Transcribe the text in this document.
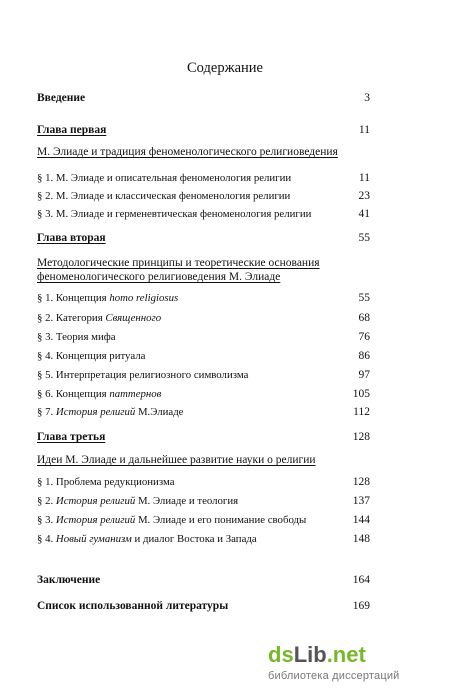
Содержание
Введение	3
Глава первая	11
М. Элиаде и традиция феноменологического религиоведения
§ 1. М. Элиаде и описательная феноменология религии	11
§ 2. М. Элиаде и классическая феноменология религии	23
§ 3. М. Элиаде и герменевтическая феноменология религии	41
Глава вторая	55
Методологические принципы и теоретические основания феноменологического религиоведения М. Элиаде
§ 1. Концепция homo religiosus	55
§ 2. Категория Священного	68
§ 3. Теория мифа	76
§ 4. Концепция ритуала	86
§ 5. Интерпретация религиозного символизма	97
§ 6. Концепция паттернов	105
§ 7. История религий М.Элиаде	112
Глава третья	128
Идеи М. Элиаде и дальнейшее развитие науки о религии
§ 1. Проблема редукционизма	128
§ 2. История религий М. Элиаде и теология	137
§ 3. История религий М. Элиаде и его понимание свободы	144
§ 4. Новый гуманизм и диалог Востока и Запада	148
Заключение	164
Список использованной литературы	169
dsLib.net
библиотека диссертаций
